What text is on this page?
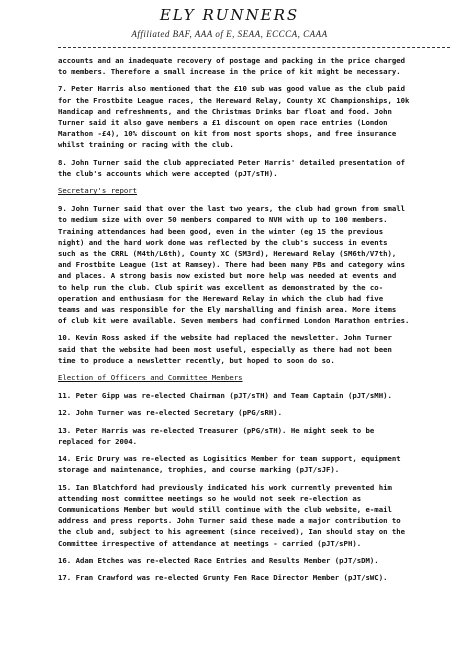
ELY RUNNERS
Affiliated BAF, AAA of E, SEAA, ECCCA, CAAA

accounts and an inadequate recovery of postage and packing in the price charged
to members. Therefore a small increase in the price of kit might be necessary.

7. Peter Harris also mentioned that the £10 sub was good value as the club paid
for the Frostbite League races, the Hereward Relay, County XC Championships, 10k
Handicap and refreshments, and the Christmas Drinks bar float and food. John
Turner said it also gave members a £1 discount on open race entries (London
Marathon -£4), 10% discount on kit from most sports shops, and free insurance
whilst training or racing with the club.

8. John Turner said the club appreciated Peter Harris' detailed presentation of
the club's accounts which were accepted (pJT/sTH).

Secretary's report

9. John Turner said that over the last two years, the club had grown from small
to medium size with over 50 members compared to NVH with up to 100 members.
Training attendances had been good, even in the winter (eg 15 the previous
night) and the hard work done was reflected by the club's success in events
such as the CRRL (M4th/L6th), County XC (SM3rd), Hereward Relay (SM6th/V7th),
and Frostbite League (1st at Ramsey). There had been many PBs and category wins
and places. A strong basis now existed but more help was needed at events and
to help run the club. Club spirit was excellent as demonstrated by the co-
operation and enthusiasm for the Hereward Relay in which the club had five
teams and was responsible for the Ely marshalling and finish area. More items
of club kit were available. Seven members had confirmed London Marathon entries.

10. Kevin Ross asked if the website had replaced the newsletter. John Turner
said that the website had been most useful, especially as there had not been
time to produce a newsletter recently, but hoped to soon do so.

Election of Officers and Committee Members

11. Peter Gipp was re-elected Chairman (pJT/sTH) and Team Captain (pJT/sMH).

12. John Turner was re-elected Secretary (pPG/sRH).

13. Peter Harris was re-elected Treasurer (pPG/sTH). He might seek to be
replaced for 2004.

14. Eric Drury was re-elected as Logisitics Member for team support, equipment
storage and maintenance, trophies, and course marking (pJT/sJF).

15. Ian Blatchford had previously indicated his work currently prevented him
attending most committee meetings so he would not seek re-election as
Communications Member but would still continue with the club website, e-mail
address and press reports. John Turner said these made a major contribution to
the club and, subject to his agreement (since received), Ian should stay on the
Committee irrespective of attendance at meetings - carried (pJT/sPH).

16. Adam Etches was re-elected Race Entries and Results Member (pJT/sDM).

17. Fran Crawford was re-elected Grunty Fen Race Director Member (pJT/sWC).
